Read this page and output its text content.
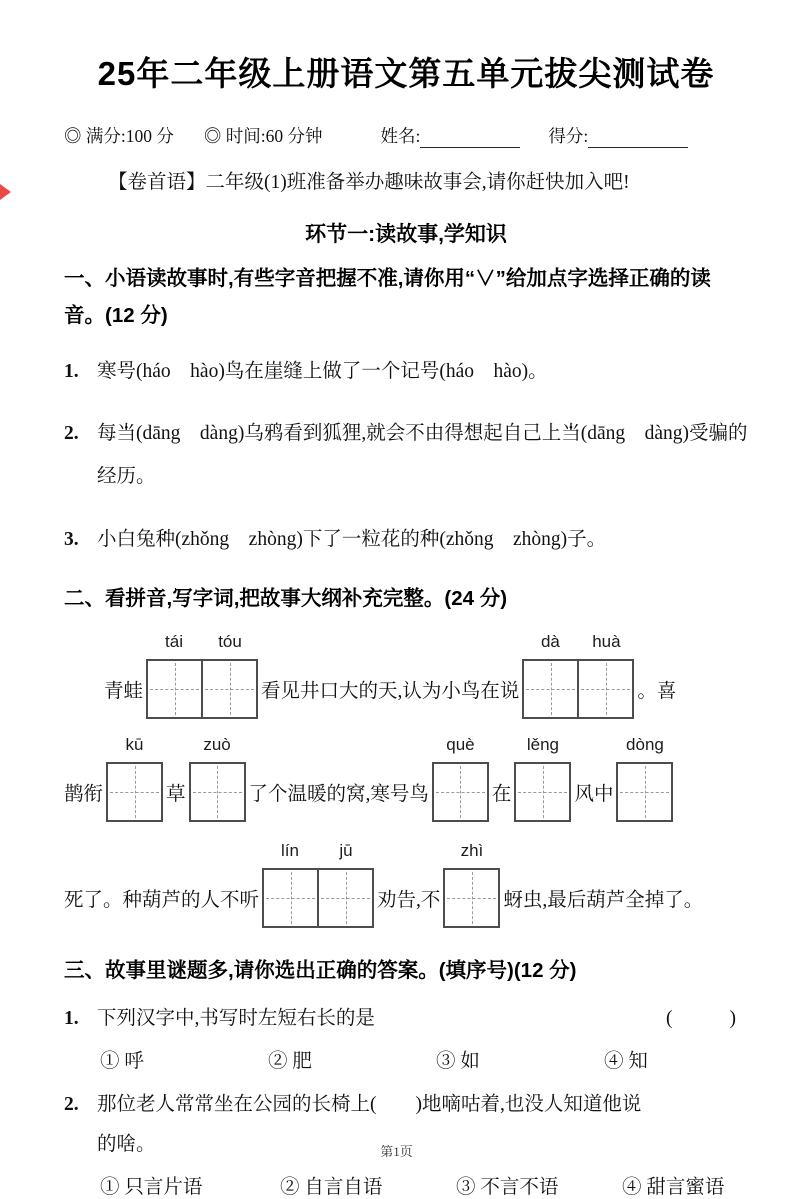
25年二年级上册语文第五单元拔尖测试卷
◎ 满分:100 分 ◎ 时间:60 分钟	姓名:	得分:

【卷首语】二年级(1)班准备举办趣味故事会,请你赶快加入吧!

环节一:读故事,学知识
一、小语读故事时,有些字音把握不准,请你用“∨”给加点字选择正确的读音。(12 分)

1. 寒号(háo　hào)鸟在崖缝上做了一个记号(háo　hào)。

2. 每当(dāng　dàng)乌鸦看到狐狸,就会不由得想起自己上当(dāng　dàng)受骗的经历。

3. 小白兔种(zhǒng　zhòng)下了一粒花的种(zhǒng　zhòng)子。

二、看拼音,写字词,把故事大纲补充完整。(24 分)
青蛙
tái	tóu
看见井口大的天,认为小鸟在说
dà	huà
。喜
鹊衔
kū
草
zuò
了个温暖的窝,寒号鸟
què
在
lěng
风中
dòng
死了。种葫芦的人不听
lín	jū
劝告,不
zhì
蚜虫,最后葫芦全掉了。
三、故事里谜题多,请你选出正确的答案。(填序号)(12 分)
1. 下列汉字中,书写时左短右长的是	(　　)
① 呼	② 肥	③ 如	④ 知
2. 那位老人常常坐在公园的长椅上(　　)地嘀咕着,也没人知道他说
的啥。
① 只言片语	② 自言自语	③ 不言不语	④ 甜言蜜语
第1页
